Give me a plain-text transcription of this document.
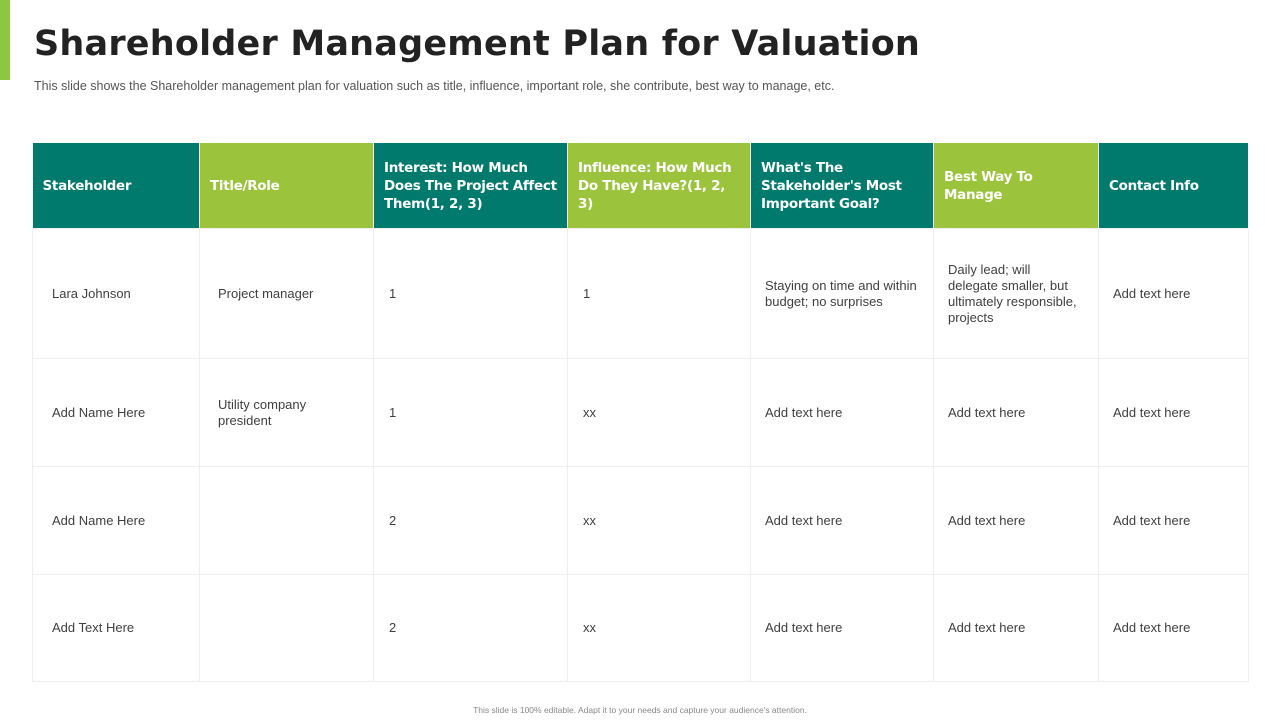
Shareholder Management Plan for Valuation

This slide shows the Shareholder management plan for valuation such as title, influence, important role, she contribute, best way to manage, etc.

Stakeholder	Title/Role	Interest: How Much Does The Project Affect Them(1, 2, 3)	Influence: How Much Do They Have?(1, 2, 3)	What's The Stakeholder's Most Important Goal?	Best Way To Manage	Contact Info
Lara Johnson	Project manager	1	1	Staying on time and within budget; no surprises	Daily lead; will delegate smaller, but ultimately responsible, projects	Add text here
Add Name Here	Utility company president	1	xx	Add text here	Add text here	Add text here
Add Name Here		2	xx	Add text here	Add text here	Add text here
Add Text Here		2	xx	Add text here	Add text here	Add text here

This slide is 100% editable. Adapt it to your needs and capture your audience's attention.
